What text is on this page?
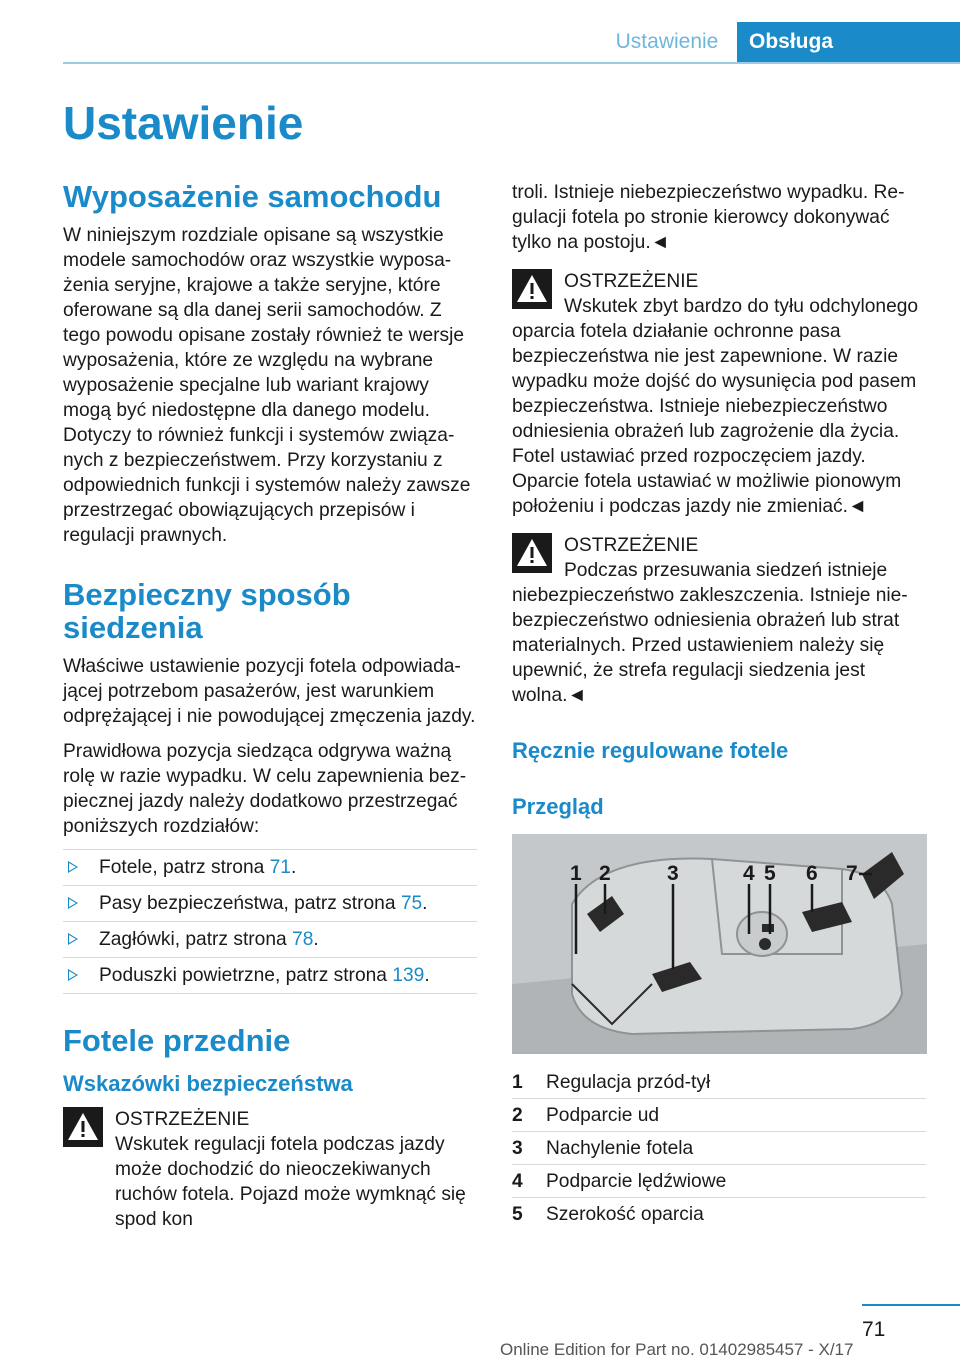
Ustawienie	Obsługa
Ustawienie
Wyposażenie samochodu

W niniejszym rozdziale opisane są wszystkie modele samochodów oraz wszystkie wyposażenia seryjne, krajowe a także seryjne, które oferowane są dla danej serii samochodów. Z tego powodu opisane zostały również te wersje wyposażenia, które ze względu na wybrane wyposażenie specjalne lub wariant krajowy mogą być niedostępne dla danego modelu. Dotyczy to również funkcji i systemów związanych z bezpieczeństwem. Przy korzystaniu z odpowiednich funkcji i systemów należy zawsze przestrzegać obowiązujących przepisów i regulacji prawnych.

Bezpieczny sposób siedzenia

Właściwe ustawienie pozycji fotela odpowiadającej potrzebom pasażerów, jest warunkiem odprężającej i nie powodującej zmęczenia jazdy.

Prawidłowa pozycja siedząca odgrywa ważną rolę w razie wypadku. W celu zapewnienia bezpiecznej jazdy należy dodatkowo przestrzegać poniższych rozdziałów:

Fotele, patrz strona 71.
Pasy bezpieczeństwa, patrz strona 75.
Zagłówki, patrz strona 78.
Poduszki powietrzne, patrz strona 139.
Fotele przednie
Wskazówki bezpieczeństwa
OSTRZEŻENIE

Wskutek regulacji fotela podczas jazdy może dochodzić do nieoczekiwanych ruchów fotela. Pojazd może wymknąć się spod kon

troli. Istnieje niebezpieczeństwo wypadku. Regulacji fotela po stronie kierowcy dokonywać tylko na postoju.◄

OSTRZEŻENIE

Wskutek zbyt bardzo do tyłu odchylonego oparcia fotela działanie ochronne pasa bezpieczeństwa nie jest zapewnione. W razie wypadku może dojść do wysunięcia pod pasem bezpieczeństwa. Istnieje niebezpieczeństwo odniesienia obrażeń lub zagrożenie dla życia. Fotel ustawiać przed rozpoczęciem jazdy. Oparcie fotela ustawiać w możliwie pionowym położeniu i podczas jazdy nie zmieniać.◄

OSTRZEŻENIE

Podczas przesuwania siedzeń istnieje niebezpieczeństwo zakleszczenia. Istnieje niebezpieczeństwo odniesienia obrażeń lub strat materialnych. Przed ustawieniem należy się upewnić, że strefa regulacji siedzenia jest wolna.◄

Ręcznie regulowane fotele
Przegląd
1 2	3	4 5 6 7
1	Regulacja przód-tył
2	Podparcie ud
3	Nachylenie fotela
4	Podparcie lędźwiowe
5	Szerokość oparcia
71
Online Edition for Part no. 01402985457 - X/17
